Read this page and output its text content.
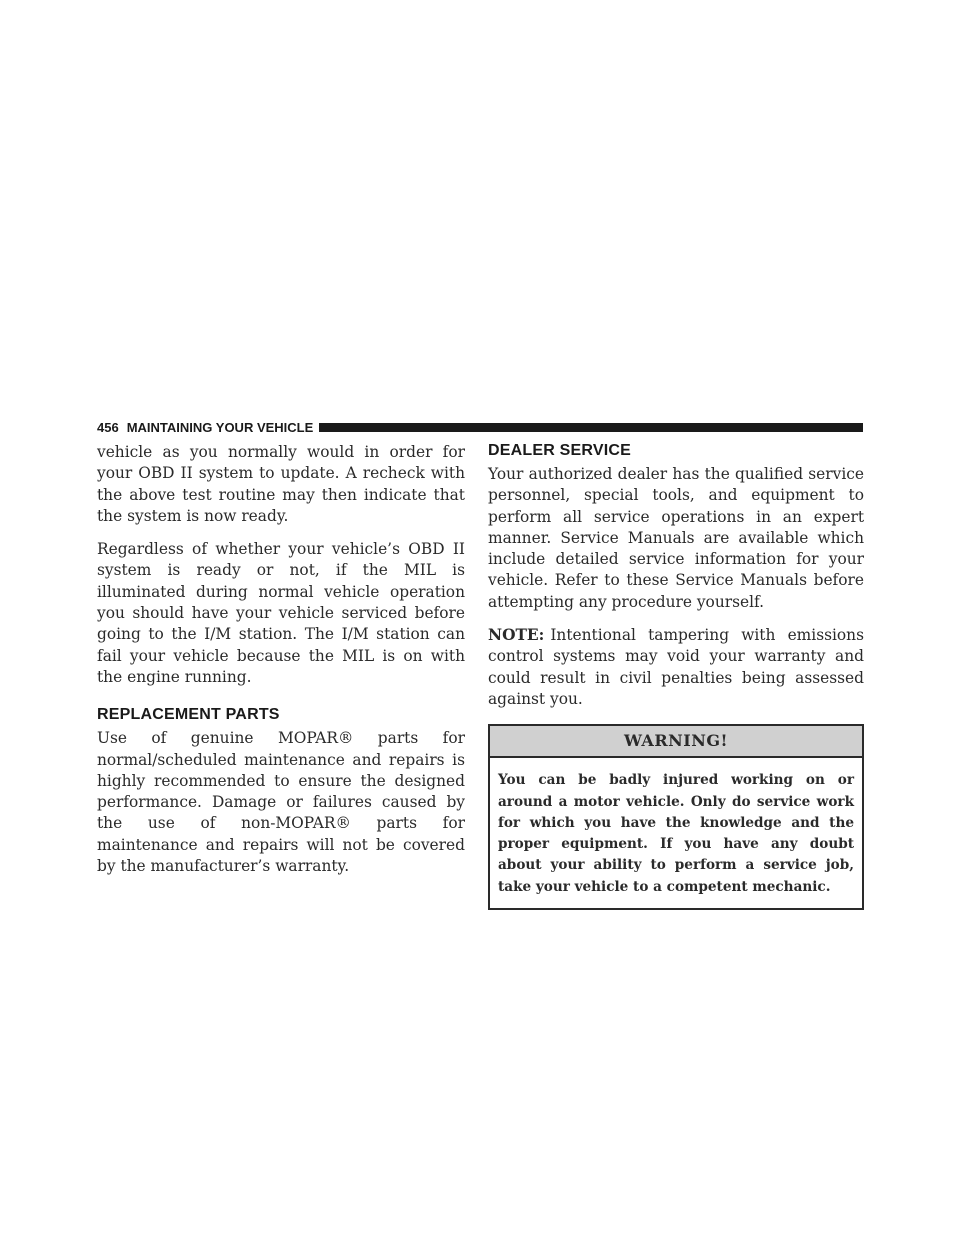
456 MAINTAINING YOUR VEHICLE

vehicle as you normally would in order for your OBD II system to update. A recheck with the above test routine may then indicate that the system is now ready.

Regardless of whether your vehicle’s OBD II system is ready or not, if the MIL is illuminated during normal vehicle operation you should have your vehicle serviced before going to the I/M station. The I/M station can fail your vehicle because the MIL is on with the engine running.

REPLACEMENT PARTS

Use of genuine MOPAR® parts for normal/scheduled maintenance and repairs is highly recommended to ensure the designed performance. Damage or failures caused by the use of non-MOPAR® parts for maintenance and repairs will not be covered by the manufacturer’s warranty.

DEALER SERVICE

Your authorized dealer has the qualified service personnel, special tools, and equipment to perform all service operations in an expert manner. Service Manuals are available which include detailed service information for your vehicle. Refer to these Service Manuals before attempting any procedure yourself.

NOTE: Intentional tampering with emissions control systems may void your warranty and could result in civil penalties being assessed against you.

WARNING!
You can be badly injured working on or around a motor vehicle. Only do service work for which you have the knowledge and the proper equipment. If you have any doubt about your ability to perform a service job, take your vehicle to a competent mechanic.
